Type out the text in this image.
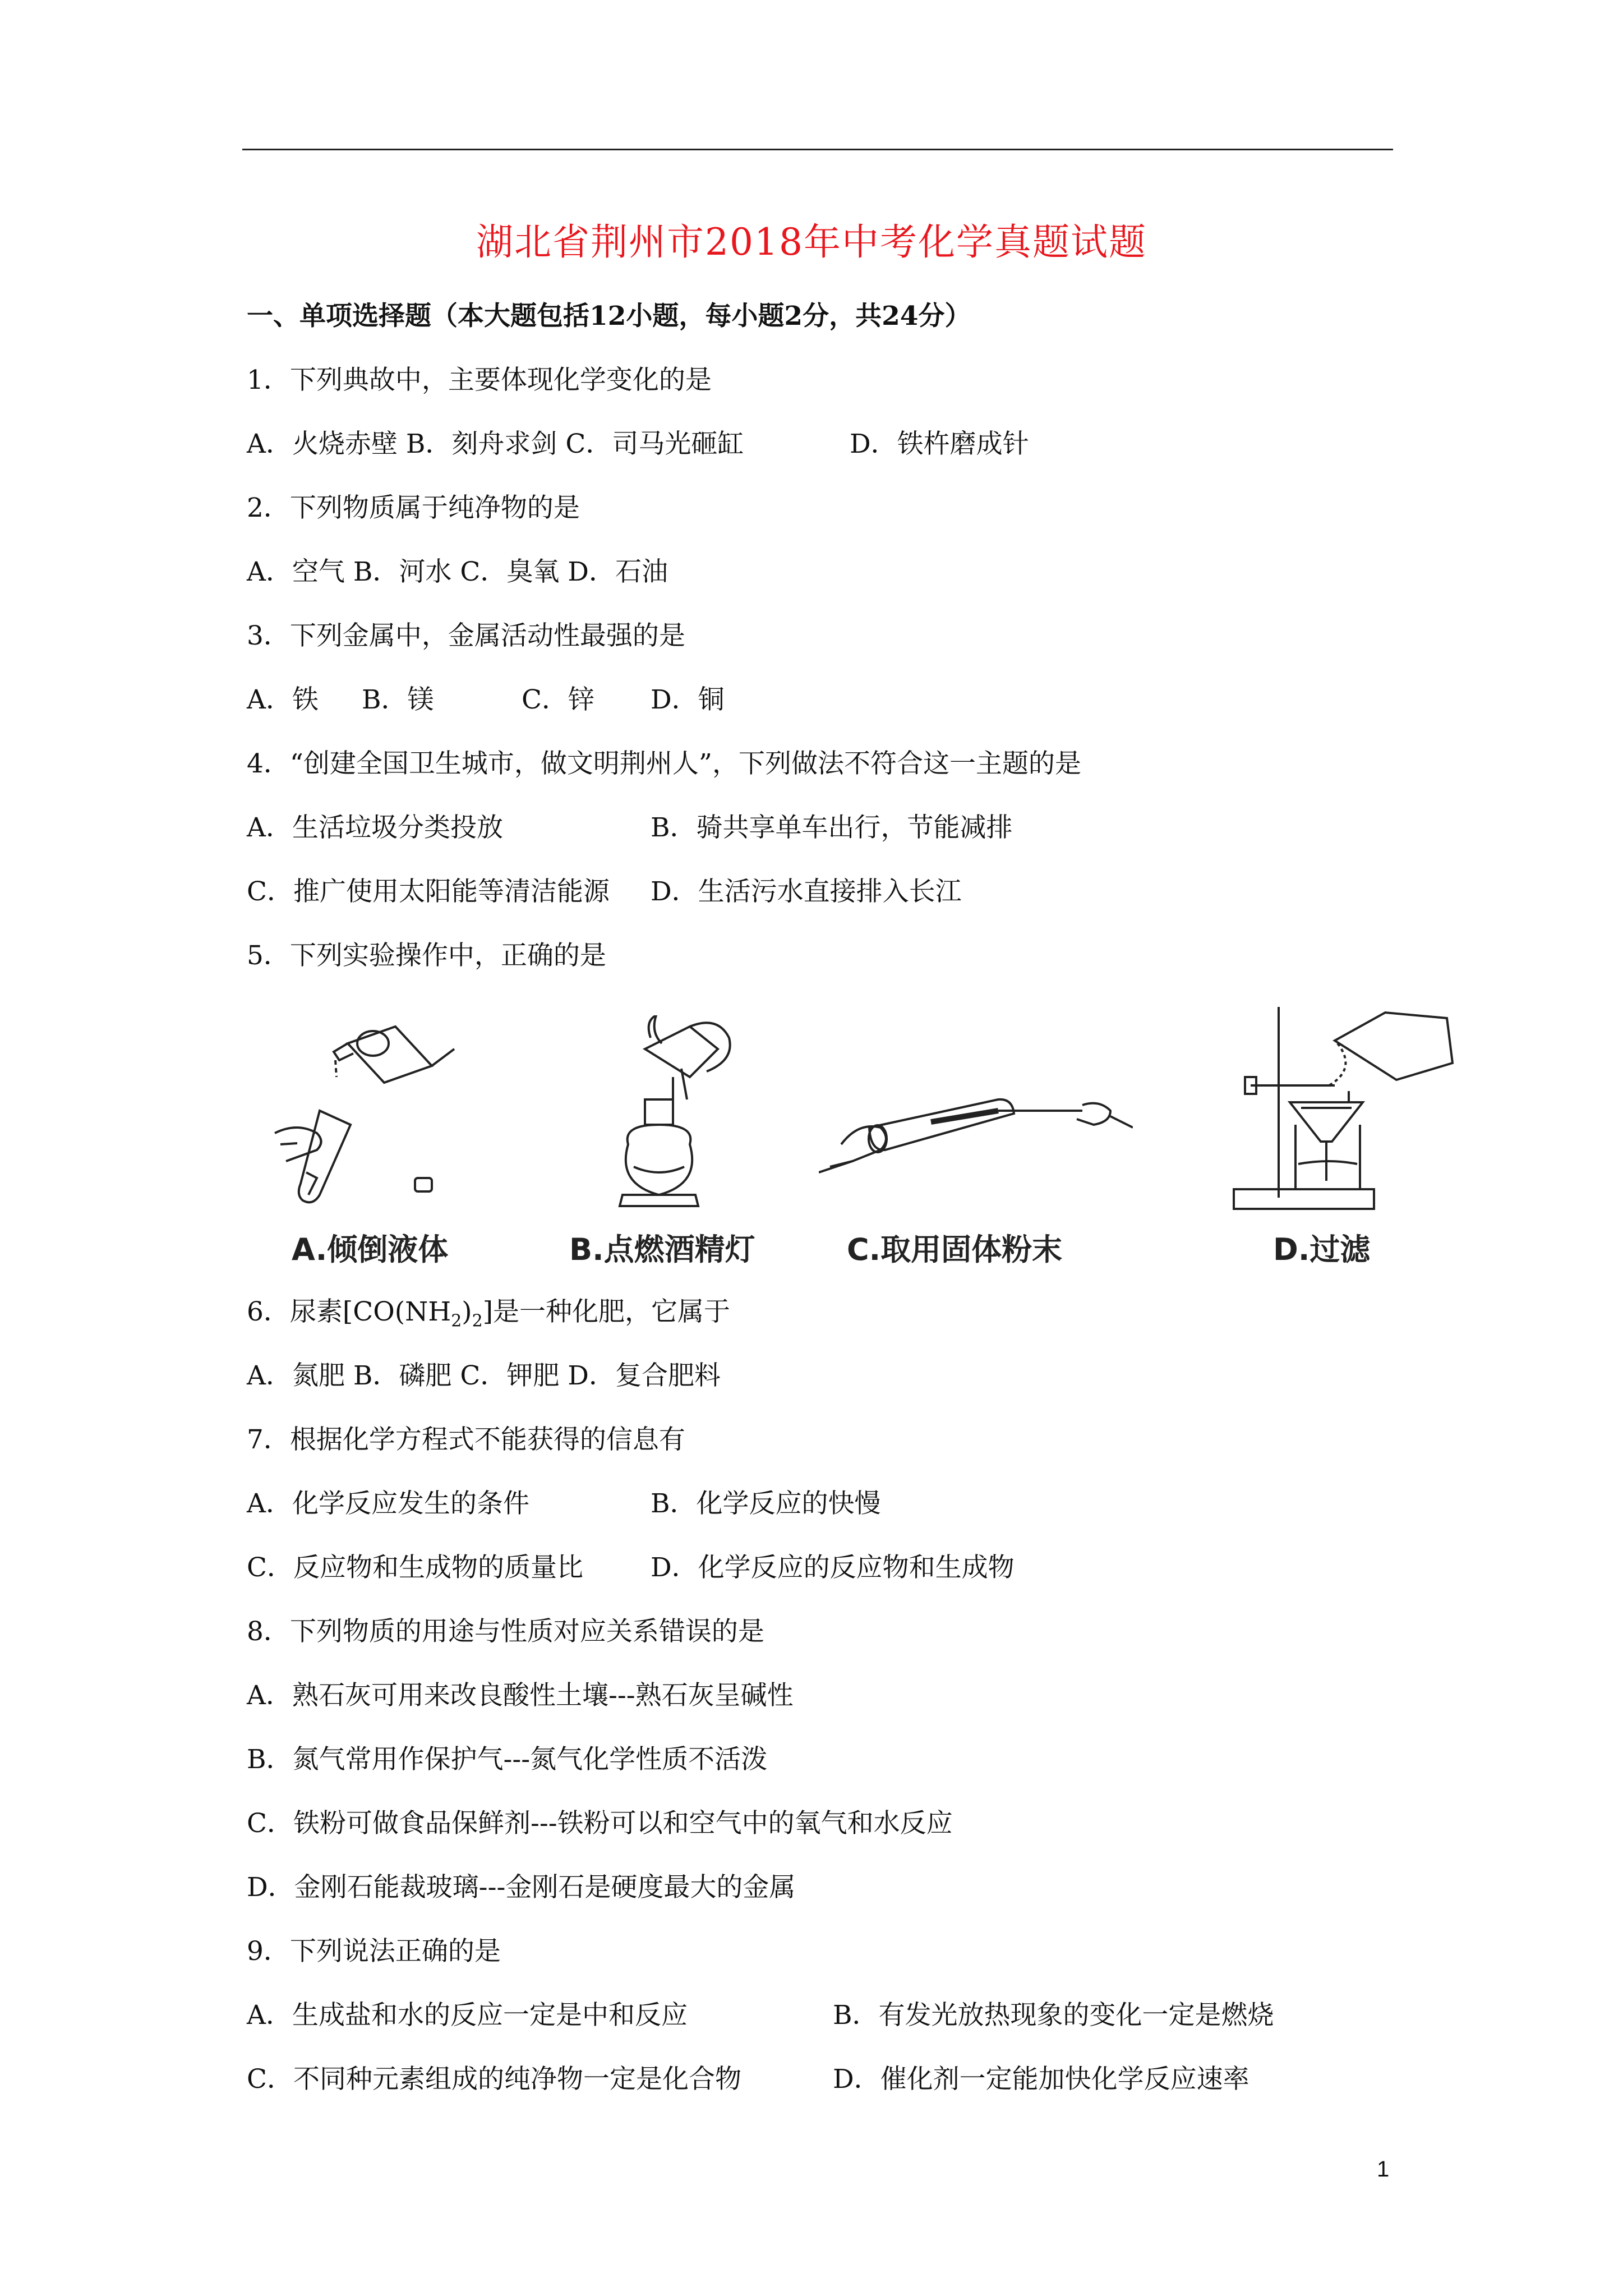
湖北省荆州市2018年中考化学真题试题
一、单项选择题（本大题包括12小题，每小题2分，共24分）
1．下列典故中，主要体现化学变化的是
A．火烧赤壁 B．刻舟求剑 C．司马光砸缸	D．铁杵磨成针
2．下列物质属于纯净物的是
A．空气 B．河水 C．臭氧 D．石油
3．下列金属中，金属活动性最强的是
A．铁 B．镁	C．锌 D．铜
4．“创建全国卫生城市，做文明荆州人”，下列做法不符合这一主题的是
A．生活垃圾分类投放	B．骑共享单车出行，节能减排
C．推广使用太阳能等清洁能源 D．生活污水直接排入长江
5．下列实验操作中，正确的是
A.倾倒液体	B.点燃酒精灯	C.取用固体粉末	D.过滤
6．尿素$[CO(NH_2)_2]$是一种化肥，它属于
A．氮肥 B．磷肥 C．钾肥 D．复合肥料
7．根据化学方程式不能获得的信息有
A．化学反应发生的条件	B．化学反应的快慢
C．反应物和生成物的质量比	D．化学反应的反应物和生成物
8．下列物质的用途与性质对应关系错误的是
A．熟石灰可用来改良酸性土壤---熟石灰呈碱性
B．氮气常用作保护气---氮气化学性质不活泼
C．铁粉可做食品保鲜剂---铁粉可以和空气中的氧气和水反应
D．金刚石能裁玻璃---金刚石是硬度最大的金属
9．下列说法正确的是
A．生成盐和水的反应一定是中和反应	B．有发光放热现象的变化一定是燃烧
C．不同种元素组成的纯净物一定是化合物	D．催化剂一定能加快化学反应速率
1
